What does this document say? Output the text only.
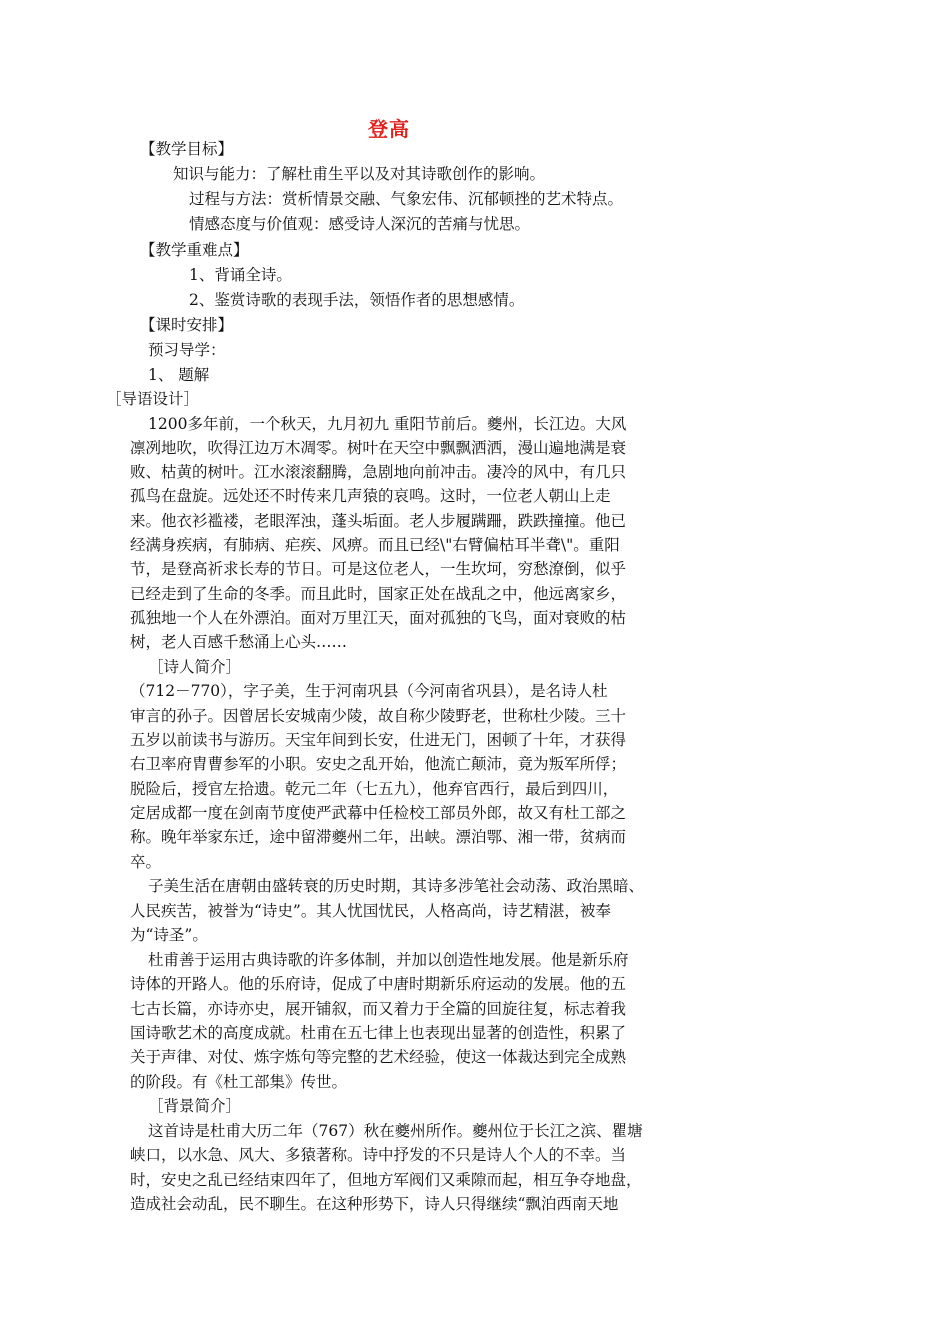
登高
【教学目标】
知识与能力：了解杜甫生平以及对其诗歌创作的影响。
过程与方法：赏析情景交融、气象宏伟、沉郁顿挫的艺术特点。
情感态度与价值观：感受诗人深沉的苦痛与忧思。
【教学重难点】
1、背诵全诗。
2、鉴赏诗歌的表现手法，领悟作者的思想感情。
【课时安排】
预习导学：
1、 题解
［导语设计］
1200多年前，一个秋天，九月初九 重阳节前后。夔州，长江边。大风
凛冽地吹，吹得江边万木凋零。树叶在天空中飘飘洒洒，漫山遍地满是衰
败、枯黄的树叶。江水滚滚翻腾，急剧地向前冲击。凄冷的风中，有几只
孤鸟在盘旋。远处还不时传来几声猿的哀鸣。᠎这时，一位老人朝山上走
来。他衣衫褴褛，老眼浑浊，蓬头垢面。老人步履蹒跚，跌跌撞撞。他已
经满身疾病，有肺病、疟疾、风痹。而且已经\"右臂偏枯耳半聋\"。重阳
节，是登高祈求长寿的节日。可是这位老人，一生坎坷，穷愁潦倒，似乎
已经走到了生命的冬季。而且此时，国家正处在战乱之中，他远离家乡，
孤独地一个人在外漂泊。面对万里江天，面对孤独的飞鸟，面对衰败的枯
树，老人百感千愁涌上心头……
［诗人简介］
（712－770），字子美，生于河南巩县（今河南省巩县），是名诗人杜
审言的孙子。因曾居长安城南少陵，故自称少陵野老，世称杜少陵。三十
五岁以前读书与游历。天宝年间到长安，仕进无门，困顿了十年，才获得
右卫率府胄曹参军的小职。安史之乱开始，他流亡颠沛，竟为叛军所俘；
脱险后，授官左拾遗。乾元二年（七五九），他弃官西行，最后到四川，
定居成都一度在剑南节度使严武幕中任检校工部员外郎，故又有杜工部之
称。晚年举家东迁，途中留滞夔州二年，出峡。漂泊鄂、湘一带，贫病而
卒。
子美生活在唐朝由盛转衰的历史时期，其诗多涉笔社会动荡、政治黑暗、
人民疾苦，被誉为“诗史”。其人忧国忧民，人格高尚，诗艺精湛，被奉
为“诗圣”。
杜甫善于运用古典诗歌的许多体制，并加以创造性地发展。他是新乐府
诗体的开路人。他的乐府诗，促成了中唐时期新乐府运动的发展。他的五
七古长篇，亦诗亦史，展开铺叙，而又着力于全篇的回旋往复，标志着我
国诗歌艺术的高度成就。杜甫在五七律上也表现出显著的创造性，积累了
关于声律、对仗、炼字炼句等完整的艺术经验，使这一体裁达到完全成熟
的阶段。有《杜工部集》传世。
［背景简介］
这首诗是杜甫大历二年（767）秋在夔州所作。夔州位于长江之滨、瞿塘
峡口，以水急、风大、多猿著称。诗中抒发的不只是诗人个人的不幸。当
时，安史之乱已经结束四年了，但地方军阀们又乘隙而起，相互争夺地盘，
造成社会动乱，民不聊生。在这种形势下，诗人只得继续“飘泊西南天地
